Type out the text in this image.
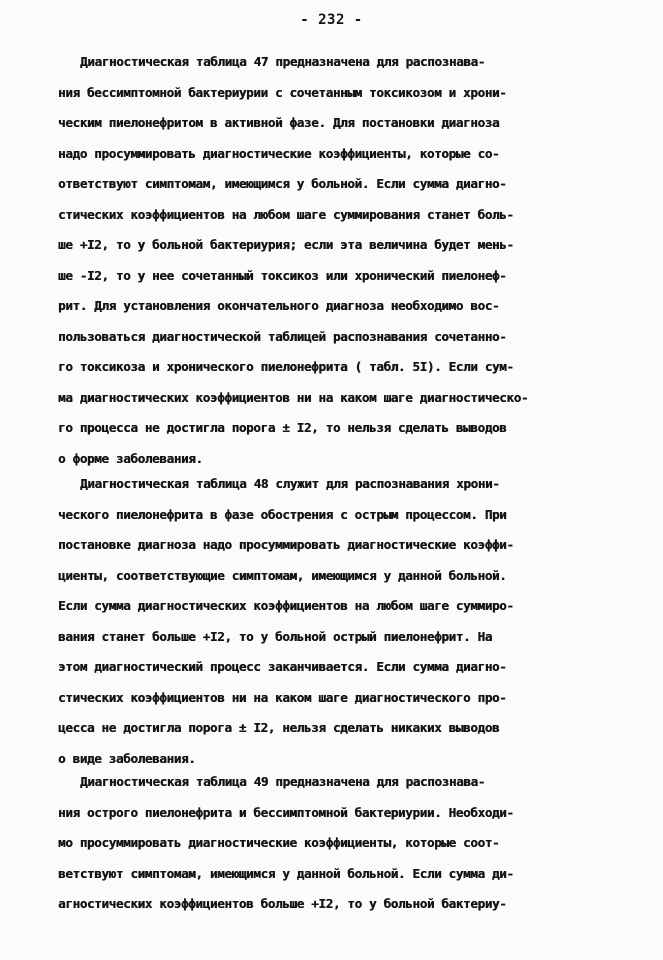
- 232 -
Диагностическая таблица 47 предназначена для распознава-
ния бессимптомной бактериурии с сочетанным токсикозом и хрони-
ческим пиелонефритом в активной фазе. Для постановки диагноза
надо просуммировать диагностические коэффициенты, которые со-
ответствуют симптомам, имеющимся у больной. Если сумма диагно-
стических коэффициентов на любом шаге суммирования станет боль-
ше +I2, то у больной бактериурия; если эта величина будет мень-
ше -I2, то у нее сочетанный токсикоз или хронический пиелонеф-
рит. Для установления окончательного диагноза необходимо вос-
пользоваться диагностической таблицей распознавания сочетанно-
го токсикоза и хронического пиелонефрита ( табл. 5I). Если сум-
ма диагностических коэффициентов ни на каком шаге диагностическо-
го процесса не достигла порога ± I2, то нельзя сделать выводов
о форме заболевания.
Диагностическая таблица 48 служит для распознавания хрони-
ческого пиелонефрита в фазе обострения с острым процессом. При
постановке диагноза надо просуммировать диагностические коэффи-
циенты, соответствующие симптомам, имеющимся у данной больной.
Если сумма диагностических коэффициентов на любом шаге суммиро-
вания станет больше +I2, то у больной острый пиелонефрит. На
этом диагностический процесс заканчивается. Если сумма диагно-
стических коэффициентов ни на каком шаге диагностического про-
цесса не достигла порога ± I2, нельзя сделать никаких выводов
о виде заболевания.
Диагностическая таблица 49 предназначена для распознава-
ния острого пиелонефрита и бессимптомной бактериурии. Необходи-
мо просуммировать диагностические коэффициенты, которые соот-
ветствуют симптомам, имеющимся у данной больной. Если сумма ди-
агностических коэффициентов больше +I2, то у больной бактериу-
